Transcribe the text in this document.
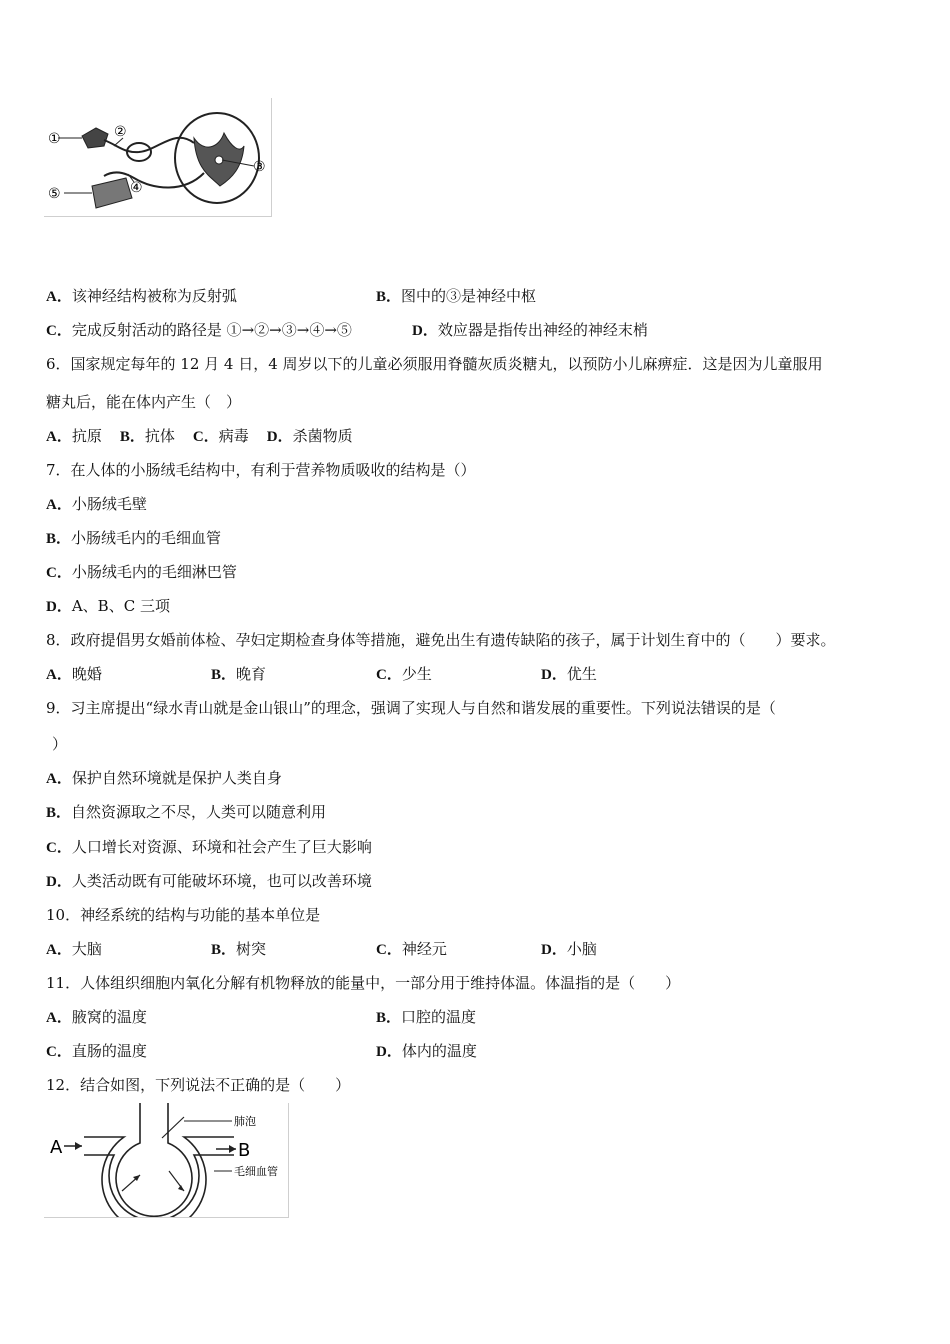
①	②
③
④
⑤
A．该神经结构被称为反射弧	B．图中的③是神经中枢
C．完成反射活动的路径是 ①→②→③→④→⑤	D．效应器是指传出神经的神经末梢
6．国家规定每年的 12 月 4 日，4 周岁以下的儿童必须服用脊髓灰质炎糖丸，以预防小儿麻痹症．这是因为儿童服用
糖丸后，能在体内产生（　）
A．抗原 B．抗体 C．病毒 D．杀菌物质
7．在人体的小肠绒毛结构中，有利于营养物质吸收的结构是（）
A．小肠绒毛壁
B．小肠绒毛内的毛细血管
C．小肠绒毛内的毛细淋巴管
D．A、B、C 三项
8．政府提倡男女婚前体检、孕妇定期检查身体等措施，避免出生有遗传缺陷的孩子，属于计划生育中的（　　）要求。
A．晚婚	B．晚育	C．少生	D．优生
9．习主席提出“绿水青山就是金山银山”的理念，强调了实现人与自然和谐发展的重要性。下列说法错误的是（
）
A．保护自然环境就是保护人类自身
B．自然资源取之不尽，人类可以随意利用
C．人口增长对资源、环境和社会产生了巨大影响
D．人类活动既有可能破坏环境，也可以改善环境
10．神经系统的结构与功能的基本单位是
A．大脑	B．树突	C．神经元	D．小脑
11．人体组织细胞内氧化分解有机物释放的能量中，一部分用于维持体温。体温指的是（　　）
A．腋窝的温度	B．口腔的温度
C．直肠的温度	D．体内的温度
12．结合如图，下列说法不正确的是（　　）
A	B
肺泡
毛细血管
